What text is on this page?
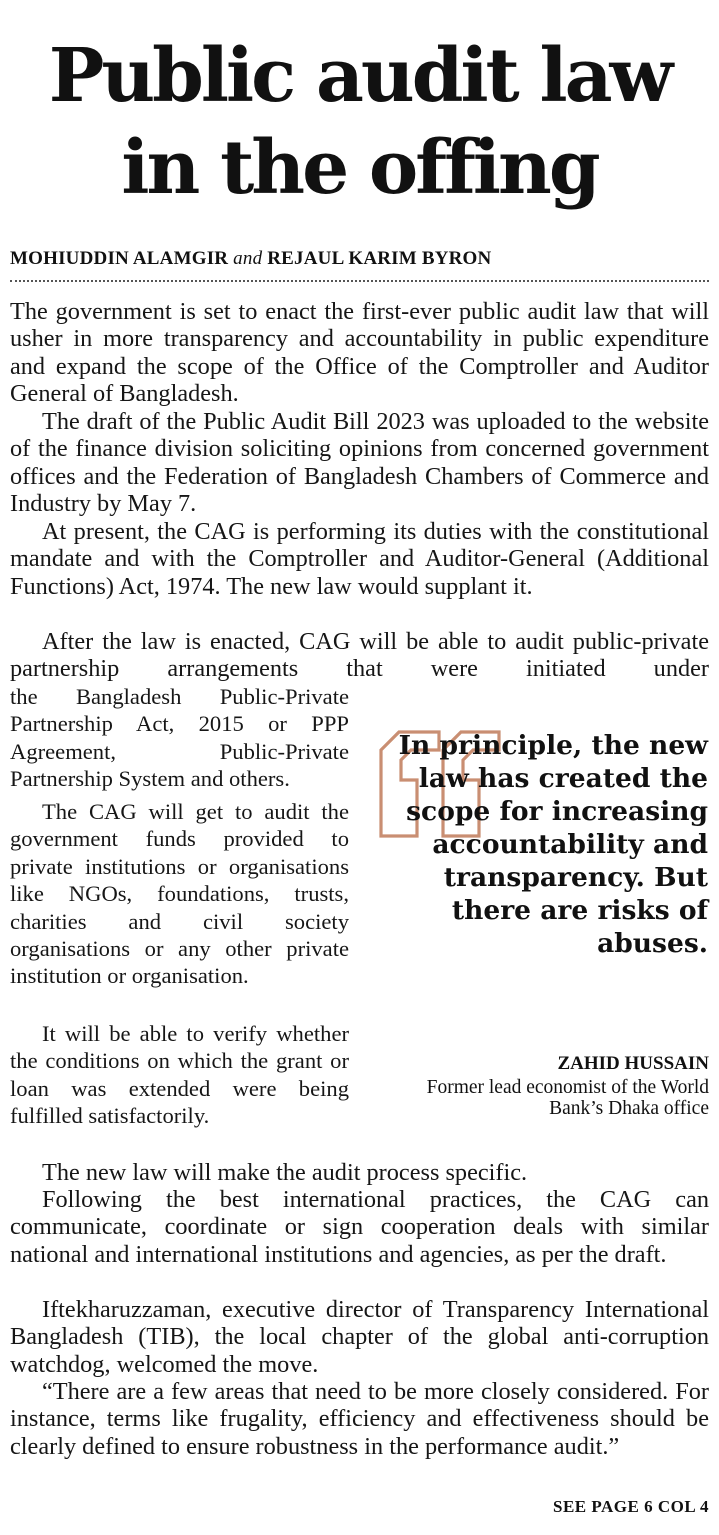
Public audit law
in the offing
MOHIUDDIN ALAMGIR and REJAUL KARIM BYRON

The government is set to enact the first-ever public audit law that will usher in more transparency and accountability in public expenditure and expand the scope of the Office of the Comptroller and Auditor General of Bangladesh.

The draft of the Public Audit Bill 2023 was uploaded to the website of the finance division soliciting opinions from concerned government offices and the Federation of Bangladesh Chambers of Commerce and Industry by May 7.

At present, the CAG is performing its duties with the constitutional mandate and with the Comptroller and Auditor-General (Additional Functions) Act, 1974. The new law would supplant it.

After the law is enacted, CAG will be able to audit public-private partnership arrangements that were initiated under

the Bangladesh Public-Private Partnership Act, 2015 or PPP Agreement, Public-Private Partnership System and others.

The CAG will get to audit the government funds provided to private institutions or organisations like NGOs, foundations, trusts, charities and civil society organisations or any other private institution or organisation.

It will be able to verify whether the conditions on which the grant or loan was extended were being fulfilled satisfactorily.

In principle, the new law has created the scope for increasing accountability and transparency. But there are risks of abuses.

ZAHID HUSSAIN
Former lead economist of the World Bank’s Dhaka office

The new law will make the audit process specific.

Following the best international practices, the CAG can communicate, coordinate or sign cooperation deals with similar national and international institutions and agencies, as per the draft.

Iftekharuzzaman, executive director of Transparency International Bangladesh (TIB), the local chapter of the global anti-corruption watchdog, welcomed the move.

“There are a few areas that need to be more closely considered. For instance, terms like frugality, efficiency and effectiveness should be clearly defined to ensure robustness in the performance audit.”

SEE PAGE 6 COL 4
